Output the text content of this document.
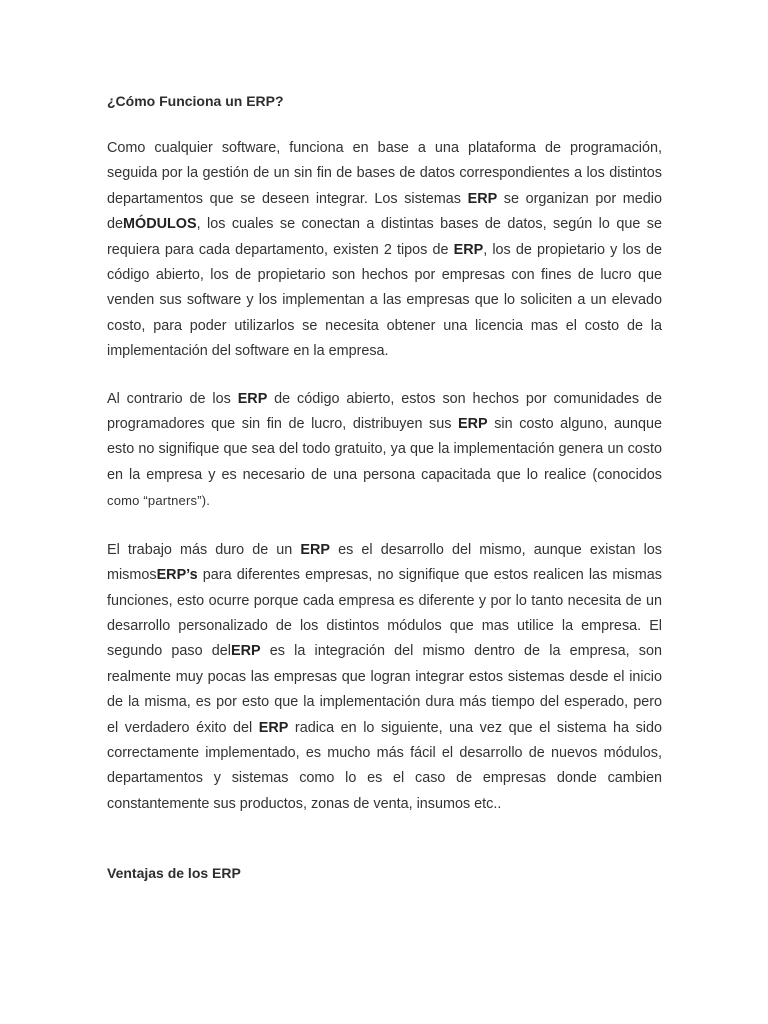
¿Cómo Funciona un ERP?

Como cualquier software, funciona en base a una plataforma de programación, seguida por la gestión de un sin fin de bases de datos correspondientes a los distintos departamentos que se deseen integrar. Los sistemas ERP se organizan por medio deMÓDULOS, los cuales se conectan a distintas bases de datos, según lo que se requiera para cada departamento, existen 2 tipos de ERP, los de propietario y los de código abierto, los de propietario son hechos por empresas con fines de lucro que venden sus software y los implementan a las empresas que lo soliciten a un elevado costo, para poder utilizarlos se necesita obtener una licencia mas el costo de la implementación del software en la empresa.

Al contrario de los ERP de código abierto, estos son hechos por comunidades de programadores que sin fin de lucro, distribuyen sus ERP sin costo alguno, aunque esto no signifique que sea del todo gratuito, ya que la implementación genera un costo en la empresa y es necesario de una persona capacitada que lo realice (conocidos como “partners”).

El trabajo más duro de un ERP es el desarrollo del mismo, aunque existan los mismosERP’s para diferentes empresas, no signifique que estos realicen las mismas funciones, esto ocurre porque cada empresa es diferente y por lo tanto necesita de un desarrollo personalizado de los distintos módulos que mas utilice la empresa. El segundo paso delERP es la integración del mismo dentro de la empresa, son realmente muy pocas las empresas que logran integrar estos sistemas desde el inicio de la misma, es por esto que la implementación dura más tiempo del esperado, pero el verdadero éxito del ERP radica en lo siguiente, una vez que el sistema ha sido correctamente implementado, es mucho más fácil el desarrollo de nuevos módulos, departamentos y sistemas como lo es el caso de empresas donde cambien constantemente sus productos, zonas de venta, insumos etc..

Ventajas de los ERP
